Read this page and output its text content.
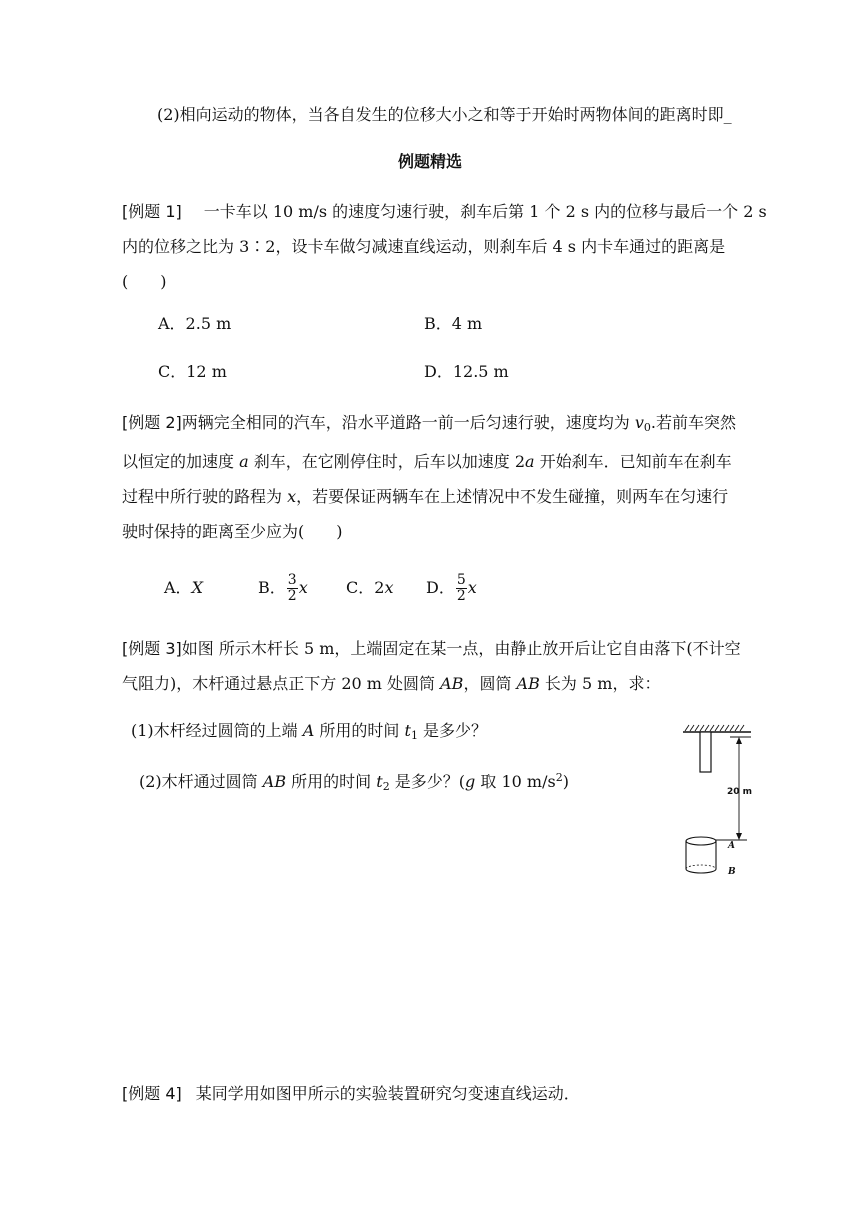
(2)相向运动的物体，当各自发生的位移大小之和等于开始时两物体间的距离时即_
例题精选
[例题 1] 一卡车以 10 m/s 的速度匀速行驶，刹车后第 1 个 2 s 内的位移与最后一个 2 s
内的位移之比为 3∶2，设卡车做匀减速直线运动，则刹车后 4 s 内卡车通过的距离是
(　　)
A．2.5 m	B．4 m
C．12 m	D．12.5 m
[例题 2]两辆完全相同的汽车，沿水平道路一前一后匀速行驶，速度均为 $v_0$.若前车突然
以恒定的加速度 a 刹车，在它刚停住时，后车以加速度 2a 开始刹车．已知前车在刹车
过程中所行驶的路程为 x，若要保证两辆车在上述情况中不发生碰撞，则两车在匀速行
驶时保持的距离至少应为(　　)
A．X	B． $\frac{3}{2}$ x C．2x D． $\frac{5}{2}$ x
[例题 3]如图 所示木杆长 5 m，上端固定在某一点，由静止放开后让它自由落下(不计空
气阻力)，木杆通过悬点正下方 20 m 处圆筒 AB，圆筒 AB 长为 5 m，求：
(1)木杆经过圆筒的上端 A 所用的时间 $t_1$ 是多少？
(2)木杆通过圆筒 AB 所用的时间 $t_2$ 是多少？(g 取 10 $m/s^2$)
20 m
A
B
[例题 4] 某同学用如图甲所示的实验装置研究匀变速直线运动．
